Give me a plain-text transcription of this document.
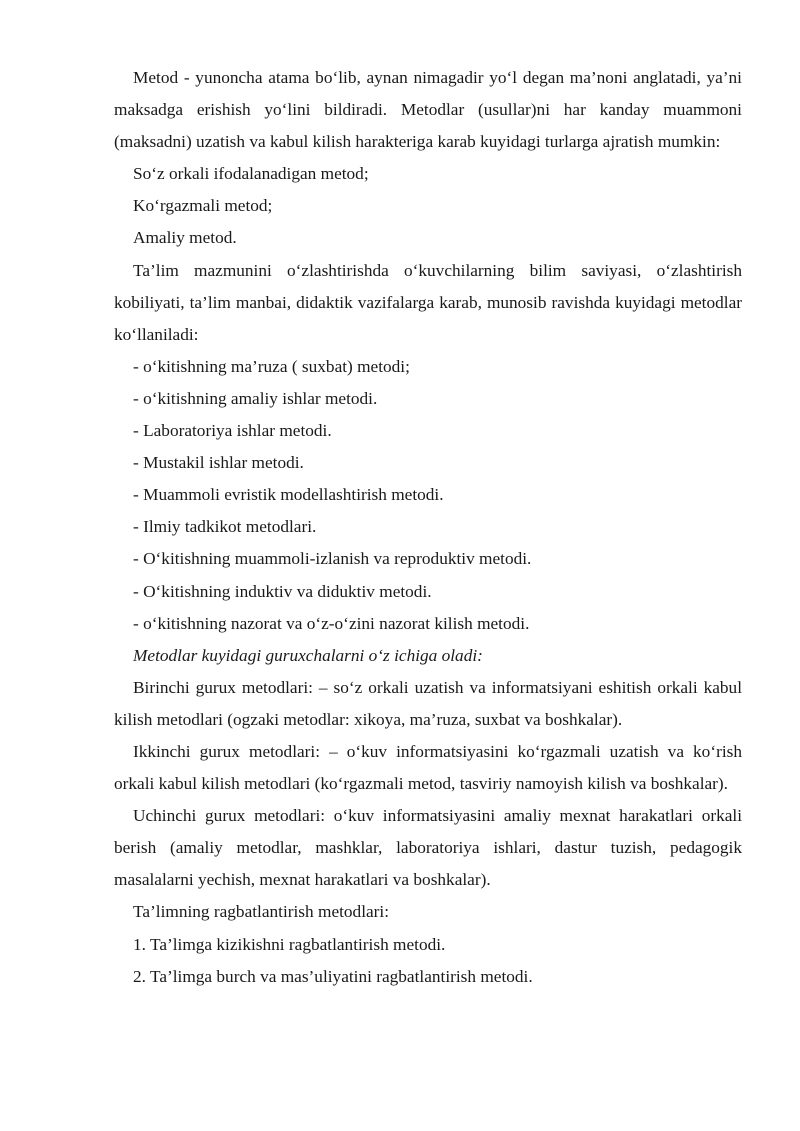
Metod - yunoncha atama bo‘lib, aynan nimagadir yo‘l degan ma’noni anglatadi, ya’ni maksadga erishish yo‘lini bildiradi. Metodlar (usullar)ni har kanday muammoni (maksadni) uzatish va kabul kilish harakteriga karab kuyidagi turlarga ajratish mumkin:

So‘z orkali ifodalanadigan metod;

Ko‘rgazmali metod;

Amaliy metod.

Ta’lim mazmunini o‘zlashtirishda o‘kuvchilarning bilim saviyasi, o‘zlashtirish kobiliyati, ta’lim manbai, didaktik vazifalarga karab, munosib ravishda kuyidagi metodlar ko‘llaniladi:

- o‘kitishning ma’ruza ( suxbat) metodi;

- o‘kitishning amaliy ishlar metodi.

- Laboratoriya ishlar metodi.

- Mustakil ishlar metodi.

- Muammoli evristik modellashtirish metodi.

- Ilmiy tadkikot metodlari.

- O‘kitishning muammoli-izlanish va reproduktiv metodi.

- O‘kitishning induktiv va diduktiv metodi.

- o‘kitishning nazorat va o‘z-o‘zini nazorat kilish metodi.

Metodlar kuyidagi guruxchalarni o‘z ichiga oladi:

Birinchi gurux metodlari: – so‘z orkali uzatish va informatsiyani eshitish orkali kabul kilish metodlari (ogzaki metodlar: xikoya, ma’ruza, suxbat va boshkalar).

Ikkinchi gurux metodlari: – o‘kuv informatsiyasini ko‘rgazmali uzatish va ko‘rish orkali kabul kilish metodlari (ko‘rgazmali metod, tasviriy namoyish kilish va boshkalar).

Uchinchi gurux metodlari: o‘kuv informatsiyasini amaliy mexnat harakatlari orkali berish (amaliy metodlar, mashklar, laboratoriya ishlari, dastur tuzish, pedagogik masalalarni yechish, mexnat harakatlari va boshkalar).

Ta’limning ragbatlantirish metodlari:

1. Ta’limga kizikishni ragbatlantirish metodi.

2. Ta’limga burch va mas’uliyatini ragbatlantirish metodi.
